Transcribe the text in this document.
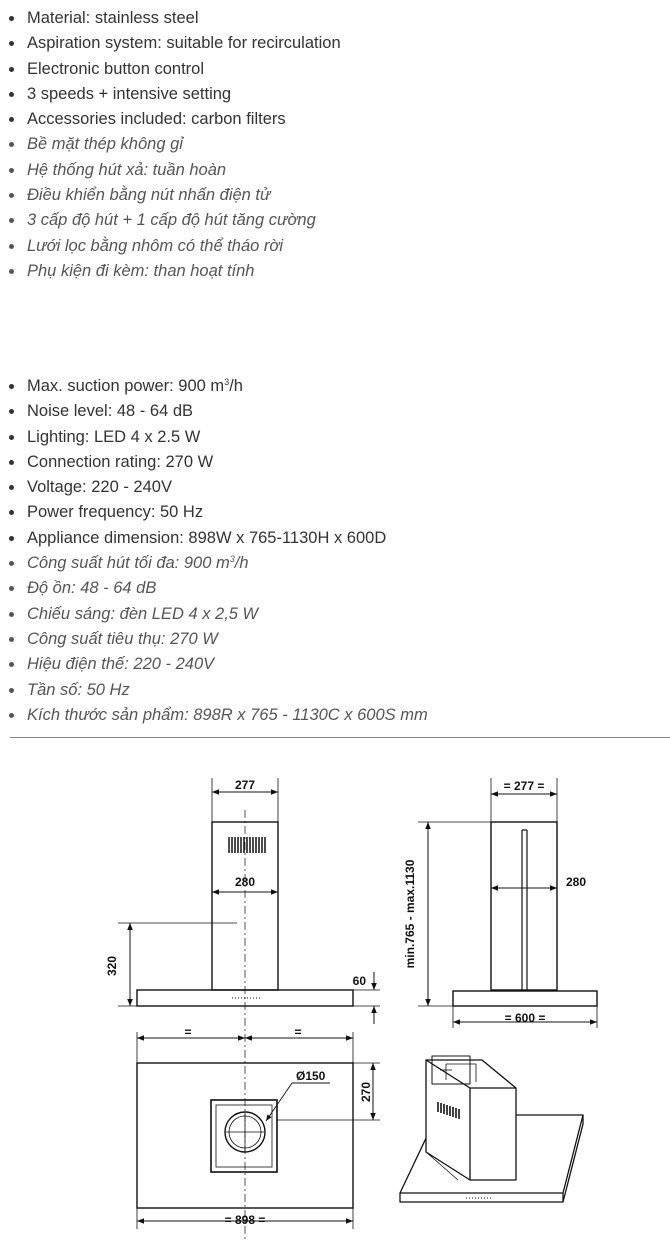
Material: stainless steel
Aspiration system: suitable for recirculation
Electronic button control
3 speeds + intensive setting
Accessories included: carbon filters
Bề mặt thép không gỉ
Hệ thống hút xả: tuần hoàn
Điều khiển bằng nút nhấn điện tử
3 cấp độ hút + 1 cấp độ hút tăng cường
Lưới lọc bằng nhôm có thể tháo rời
Phụ kiện đi kèm: than hoạt tính
Max. suction power: 900 $m^3/h$
Noise level: 48 - 64 dB
Lighting: LED 4 x 2.5 W
Connection rating: 270 W
Voltage: 220 - 240V
Power frequency: 50 Hz
Appliance dimension: 898W x 765-1130H x 600D
Công suất hút tối đa: 900 $m^3/h$
Độ ồn: 48 - 64 dB
Chiếu sáng: đèn LED 4 x 2,5 W
Công suất tiêu thụ: 270 W
Hiệu điện thế: 220 - 240V
Tần số: 50 Hz
Kích thước sản phẩm: 898R x 765 - 1130C x 600S mm
277
280
320
60
= 277 =
280
min.765 - max.1130
= 600 =
=	=
Ø150
270
= 898 =
